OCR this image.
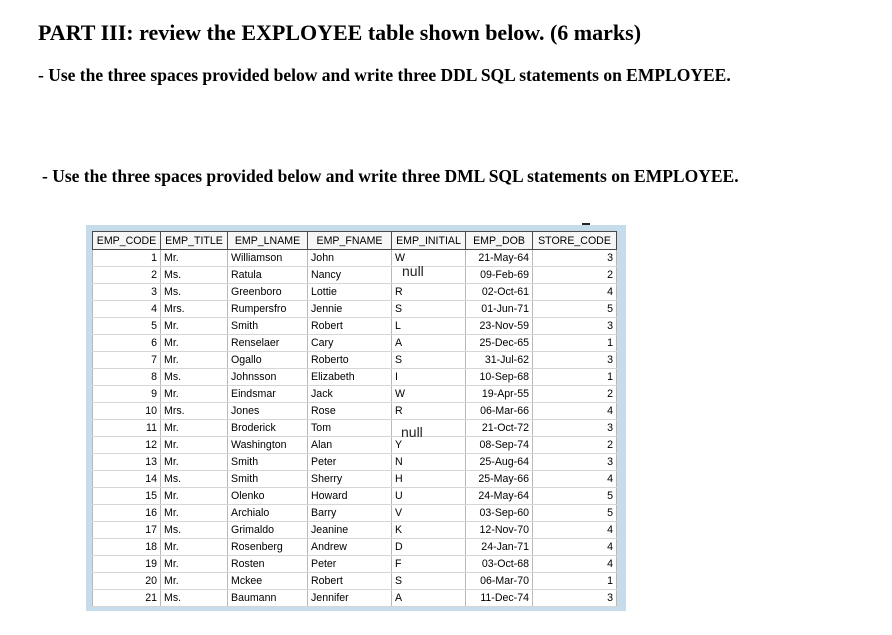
PART III: review the EXPLOYEE table shown below. (6 marks)

- Use the three spaces provided below and write three DDL SQL statements on EMPLOYEE.

- Use the three spaces provided below and write three DML SQL statements on EMPLOYEE.

EMP_CODE	EMP_TITLE	EMP_LNAME	EMP_FNAME	EMP_INITIAL	EMP_DOB	STORE_CODE
1	Mr.	Williamson	John	W	21-May-64	3
2	Ms.	Ratula	Nancy		09-Feb-69	2
3	Ms.	Greenboro	Lottie	R	02-Oct-61	4
4	Mrs.	Rumpersfro	Jennie	S	01-Jun-71	5
5	Mr.	Smith	Robert	L	23-Nov-59	3
6	Mr.	Renselaer	Cary	A	25-Dec-65	1
7	Mr.	Ogallo	Roberto	S	31-Jul-62	3
8	Ms.	Johnsson	Elizabeth	I	10-Sep-68	1
9	Mr.	Eindsmar	Jack	W	19-Apr-55	2
10	Mrs.	Jones	Rose	R	06-Mar-66	4
11	Mr.	Broderick	Tom		21-Oct-72	3
12	Mr.	Washington	Alan	Y	08-Sep-74	2
13	Mr.	Smith	Peter	N	25-Aug-64	3
14	Ms.	Smith	Sherry	H	25-May-66	4
15	Mr.	Olenko	Howard	U	24-May-64	5
16	Mr.	Archialo	Barry	V	03-Sep-60	5
17	Ms.	Grimaldo	Jeanine	K	12-Nov-70	4
18	Mr.	Rosenberg	Andrew	D	24-Jan-71	4
19	Mr.	Rosten	Peter	F	03-Oct-68	4
20	Mr.	Mckee	Robert	S	06-Mar-70	1
21	Ms.	Baumann	Jennifer	A	11-Dec-74	3
null
null
